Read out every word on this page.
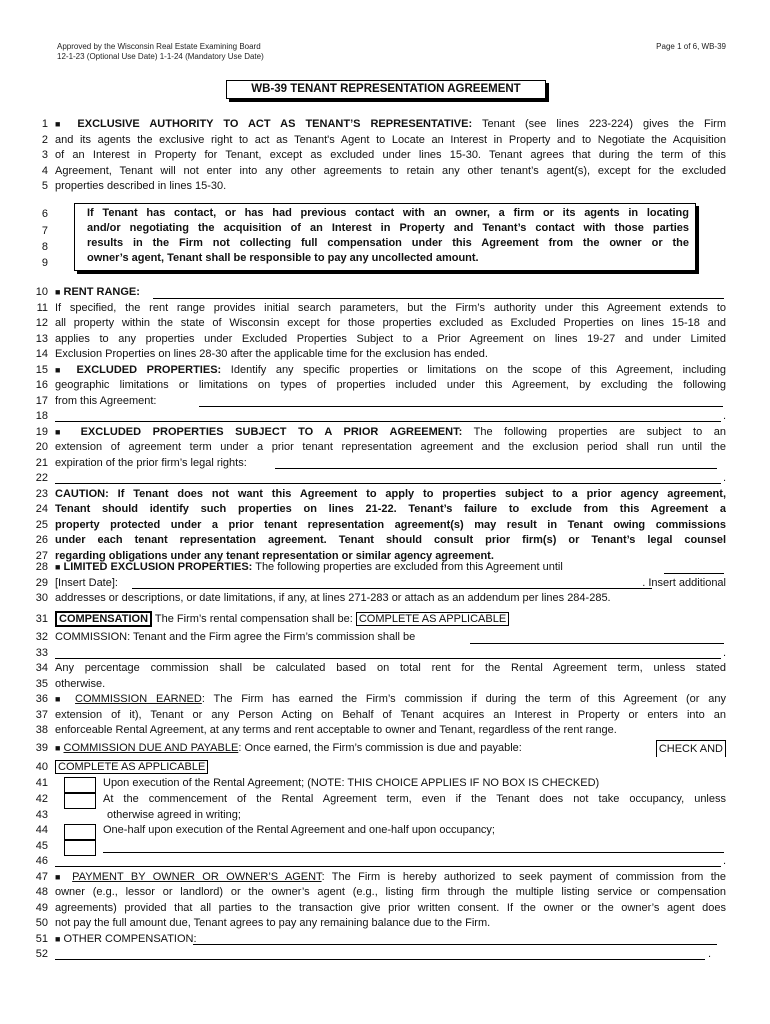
Approved by the Wisconsin Real Estate Examining Board
12-1-23 (Optional Use Date) 1-1-24 (Mandatory Use Date)
Page 1 of 6, WB-39
WB-39 TENANT REPRESENTATION AGREEMENT
1 ■ EXCLUSIVE AUTHORITY TO ACT AS TENANT’S REPRESENTATIVE: Tenant (see lines 223-224) gives the Firm
2 and its agents the exclusive right to act as Tenant's Agent to Locate an Interest in Property and to Negotiate the Acquisition
3 of an Interest in Property for Tenant, except as excluded under lines 15-30. Tenant agrees that during the term of this
4 Agreement, Tenant will not enter into any other agreements to retain any other tenant’s agent(s), except for the excluded
5 properties described in lines 15-30.
6
7
8
9
If Tenant has contact, or has had previous contact with an owner, a firm or its agents in locating
and/or negotiating the acquisition of an Interest in Property and Tenant’s contact with those parties
results in the Firm not collecting full compensation under this Agreement from the owner or the
owner’s agent, Tenant shall be responsible to pay any uncollected amount.
10 ■ RENT RANGE:
11 If specified, the rent range provides initial search parameters, but the Firm’s authority under this Agreement extends to
12 all property within the state of Wisconsin except for those properties excluded as Excluded Properties on lines 15-18 and
13 applies to any properties under Excluded Properties Subject to a Prior Agreement on lines 19-27 and under Limited
14 Exclusion Properties on lines 28-30 after the applicable time for the exclusion has ended.
15 ■ EXCLUDED PROPERTIES: Identify any specific properties or limitations on the scope of this Agreement, including
16 geographic limitations or limitations on types of properties included under this Agreement, by excluding the following
17 from this Agreement:
18	.
19 ■ EXCLUDED PROPERTIES SUBJECT TO A PRIOR AGREEMENT: The following properties are subject to an
20 extension of agreement term under a prior tenant representation agreement and the exclusion period shall run until the
21 expiration of the prior firm’s legal rights:
22	.
23 CAUTION: If Tenant does not want this Agreement to apply to properties subject to a prior agency agreement,
24 Tenant should identify such properties on lines 21-22. Tenant’s failure to exclude from this Agreement a
25 property protected under a prior tenant representation agreement(s) may result in Tenant owing commissions
26 under each tenant representation agreement. Tenant should consult prior firm(s) or Tenant’s legal counsel
27 regarding obligations under any tenant representation or similar agency agreement.
28 ■ LIMITED EXCLUSION PROPERTIES: The following properties are excluded from this Agreement until
29 [Insert Date]:	. Insert additional
30 addresses or descriptions, or date limitations, if any, at lines 271-283 or attach as an addendum per lines 284-285.
31	COMPENSATION The Firm’s rental compensation shall be: COMPLETE AS APPLICABLE
32 COMMISSION: Tenant and the Firm agree the Firm’s commission shall be
33	.
34 Any percentage commission shall be calculated based on total rent for the Rental Agreement term, unless stated
35 otherwise.
36 ■ COMMISSION EARNED: The Firm has earned the Firm’s commission if during the term of this Agreement (or any
37 extension of it), Tenant or any Person Acting on Behalf of Tenant acquires an Interest in Property or enters into an
38 enforceable Rental Agreement, at any terms and rent acceptable to owner and Tenant, regardless of the rent range.
39 ■ COMMISSION DUE AND PAYABLE: Once earned, the Firm’s commission is due and payable:	CHECK AND
40 COMPLETE AS APPLICABLE
41	Upon execution of the Rental Agreement; (NOTE: THIS CHOICE APPLIES IF NO BOX IS CHECKED)
42	At the commencement of the Rental Agreement term, even if the Tenant does not take occupancy, unless
43	otherwise agreed in writing;
44	One-half upon execution of the Rental Agreement and one-half upon occupancy;
45
46	.
47 ■ PAYMENT BY OWNER OR OWNER’S AGENT: The Firm is hereby authorized to seek payment of commission from the
48 owner (e.g., lessor or landlord) or the owner’s agent (e.g., listing firm through the multiple listing service or compensation
49 agreements) provided that all parties to the transaction give prior written consent. If the owner or the owner’s agent does
50 not pay the full amount due, Tenant agrees to pay any remaining balance due to the Firm.
51 ■ OTHER COMPENSATION:
52	.
